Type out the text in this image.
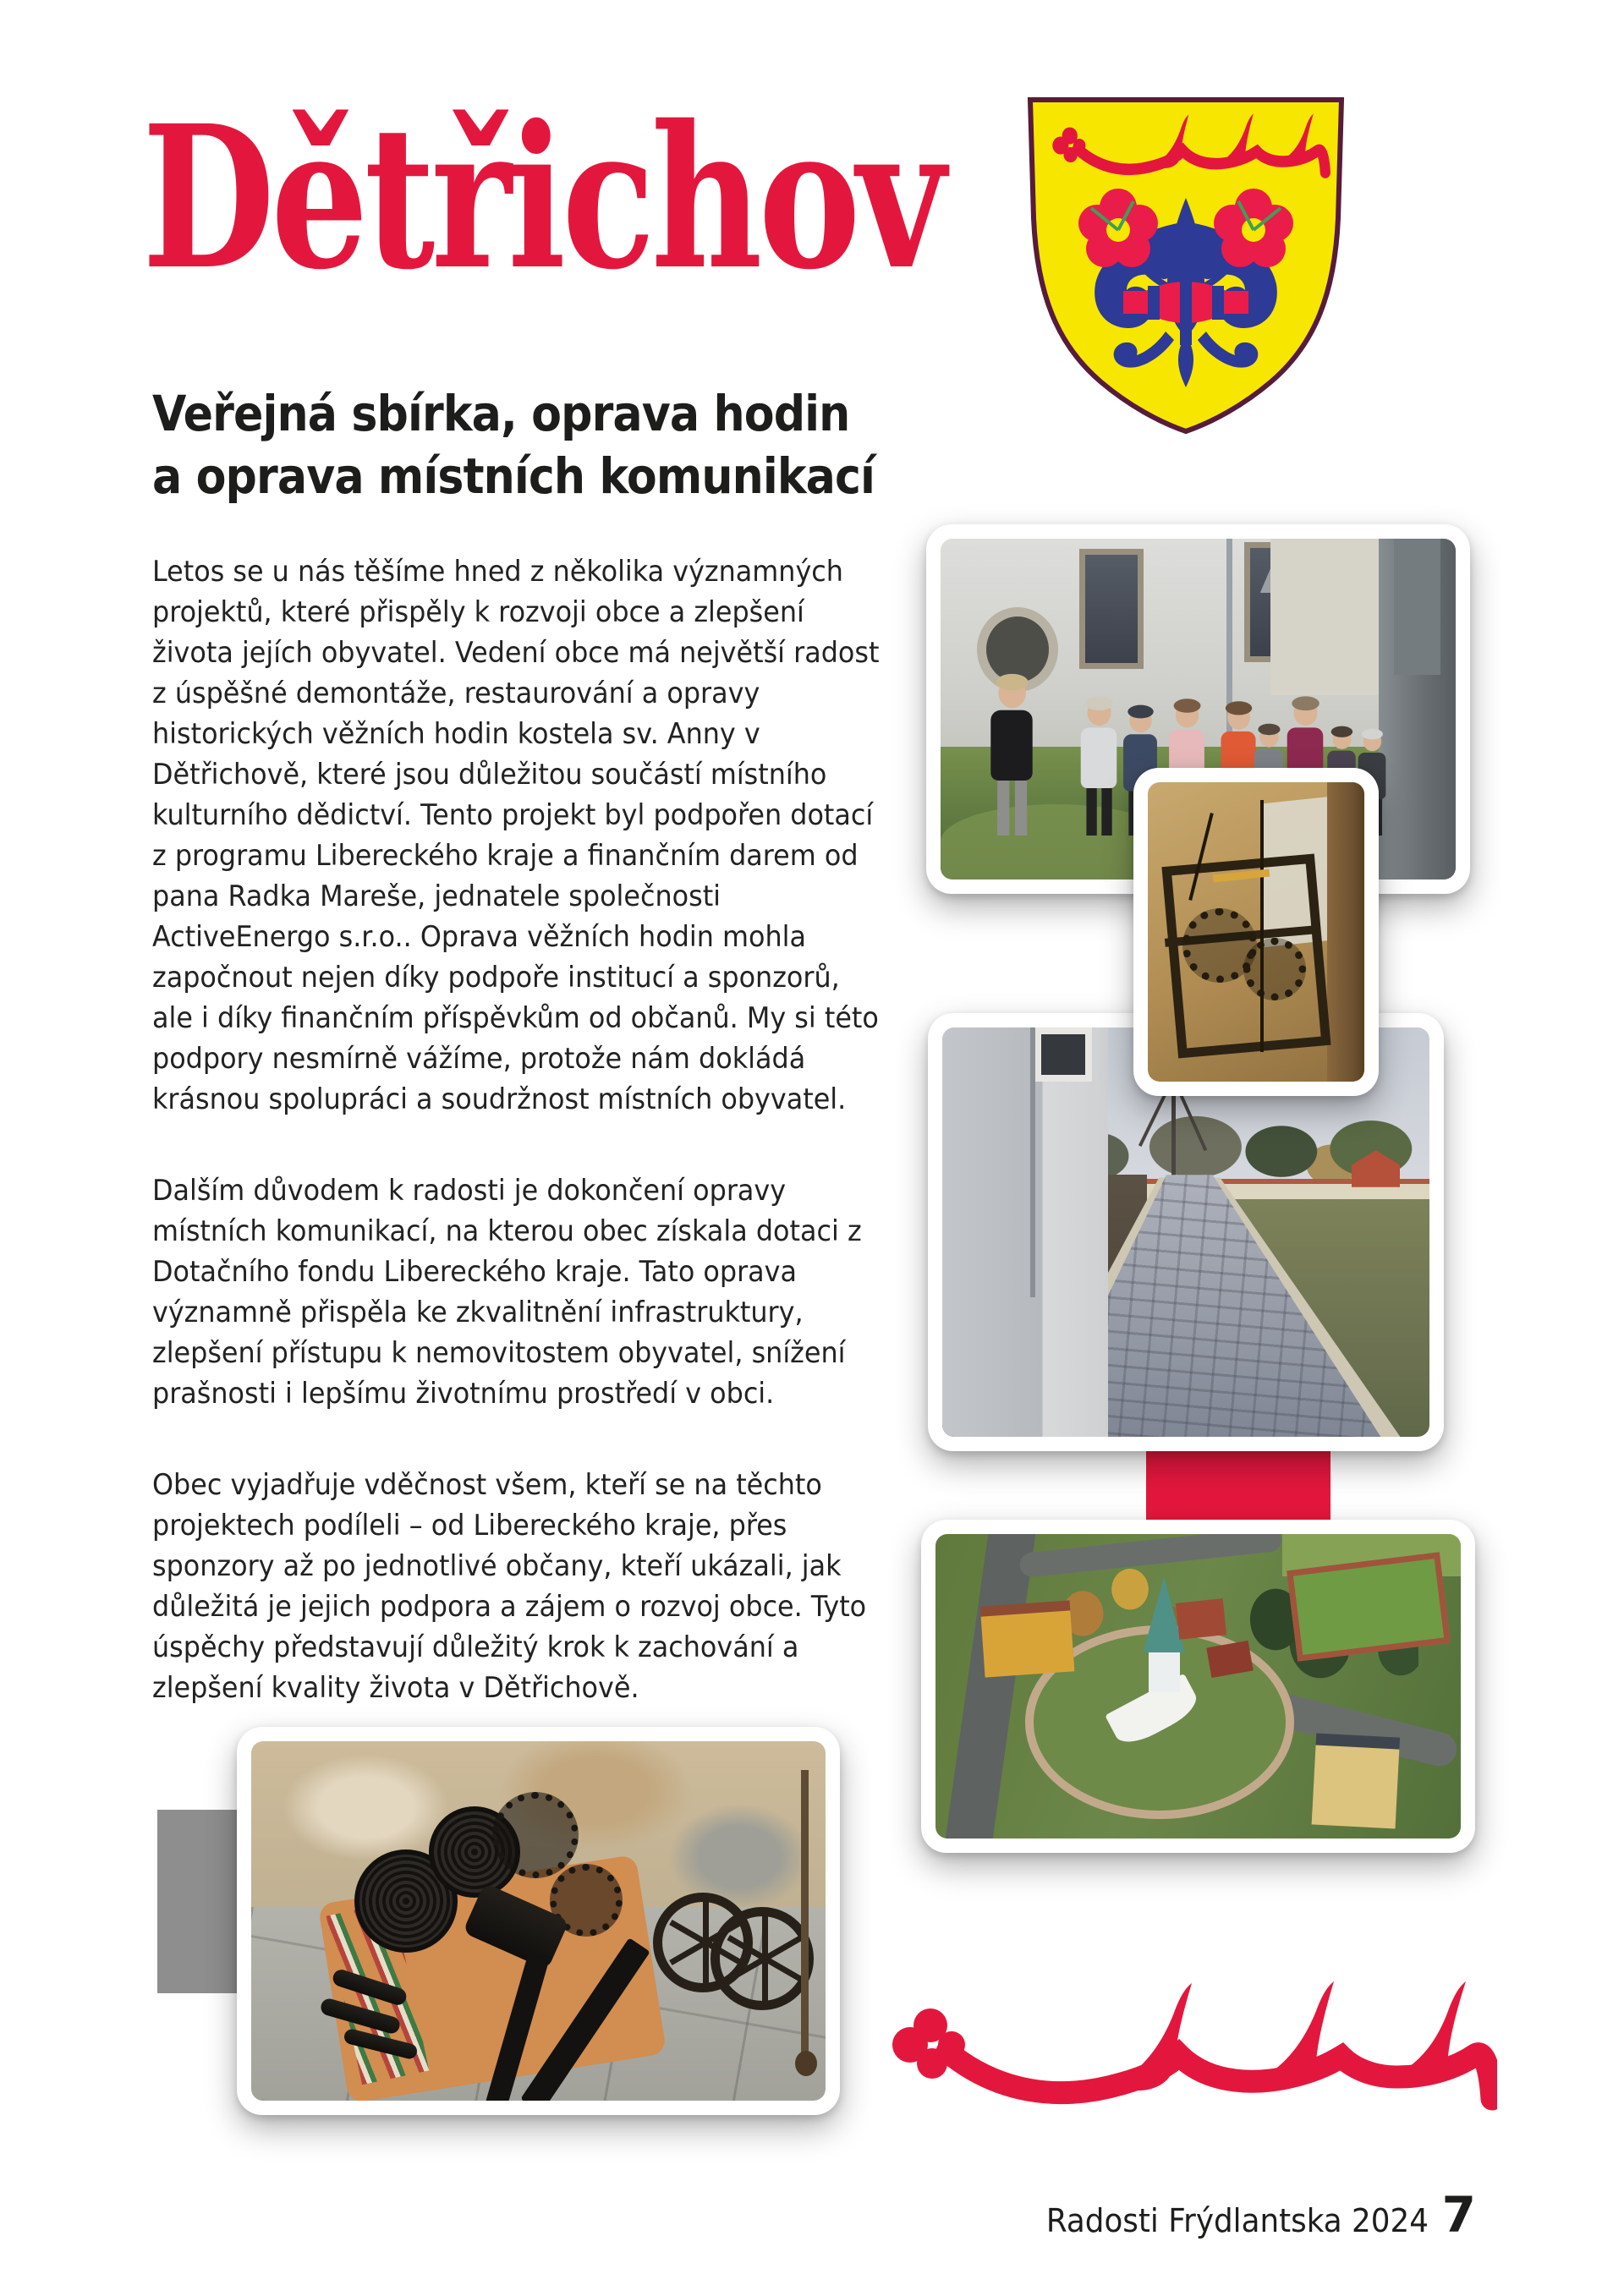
Dětřichov
Veřejná sbírka, oprava hodin
a oprava místních komunikací

Letos se u nás těšíme hned z několika významných projektů, které přispěly k rozvoji obce a zlepšení života jejích obyvatel. Vedení obce má největší radost z úspěšné demontáže, restaurování a opravy historických věžních hodin kostela sv. Anny v Dětřichově, které jsou důležitou součástí místního kulturního dědictví. Tento projekt byl podpořen dotací z programu Libereckého kraje a finančním darem od pana Radka Mareše, jednatele společnosti ActiveEnergo s.r.o.. Oprava věžních hodin mohla započnout nejen díky podpoře institucí a sponzorů, ale i díky finančním příspěvkům od občanů. My si této podpory nesmírně vážíme, protože nám dokládá krásnou spolupráci a soudržnost místních obyvatel.

Dalším důvodem k radosti je dokončení opravy místních komunikací, na kterou obec získala dotaci z Dotačního fondu Libereckého kraje. Tato oprava významně přispěla ke zkvalitnění infrastruktury, zlepšení přístupu k nemovitostem obyvatel, snížení prašnosti i lepšímu životnímu prostředí v obci.

Obec vyjadřuje vděčnost všem, kteří se na těchto projektech podíleli – od Libereckého kraje, přes sponzory až po jednotlivé občany, kteří ukázali, jak důležitá je jejich podpora a zájem o rozvoj obce. Tyto úspěchy představují důležitý krok k zachování a zlepšení kvality života v Dětřichově.

Radosti Frýdlantska 2024 7
